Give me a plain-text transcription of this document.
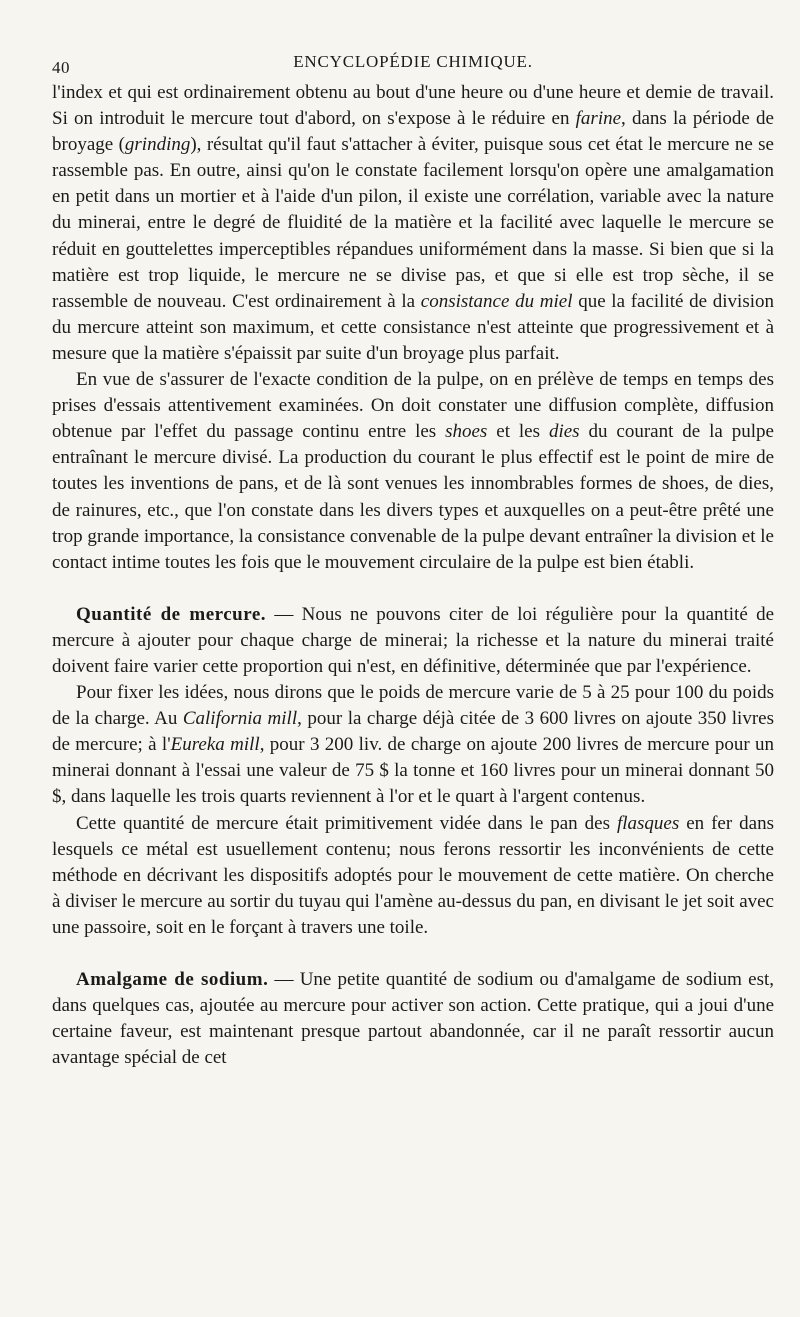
40	ENCYCLOPÉDIE CHIMIQUE.

l'index et qui est ordinairement obtenu au bout d'une heure ou d'une heure et demie de travail. Si on introduit le mercure tout d'abord, on s'expose à le réduire en farine, dans la période de broyage (grinding), résultat qu'il faut s'attacher à éviter, puisque sous cet état le mercure ne se rassemble pas. En outre, ainsi qu'on le constate facilement lorsqu'on opère une amalgamation en petit dans un mortier et à l'aide d'un pilon, il existe une corrélation, variable avec la nature du minerai, entre le degré de fluidité de la matière et la facilité avec laquelle le mercure se réduit en gouttelettes imperceptibles répandues uniformément dans la masse. Si bien que si la matière est trop liquide, le mercure ne se divise pas, et que si elle est trop sèche, il se rassemble de nouveau. C'est ordinairement à la consistance du miel que la facilité de division du mercure atteint son maximum, et cette consistance n'est atteinte que progressivement et à mesure que la matière s'épaissit par suite d'un broyage plus parfait.

En vue de s'assurer de l'exacte condition de la pulpe, on en prélève de temps en temps des prises d'essais attentivement examinées. On doit constater une diffusion complète, diffusion obtenue par l'effet du passage continu entre les shoes et les dies du courant de la pulpe entraînant le mercure divisé. La production du courant le plus effectif est le point de mire de toutes les inventions de pans, et de là sont venues les innombrables formes de shoes, de dies, de rainures, etc., que l'on constate dans les divers types et auxquelles on a peut-être prêté une trop grande importance, la consistance convenable de la pulpe devant entraîner la division et le contact intime toutes les fois que le mouvement circulaire de la pulpe est bien établi.

Quantité de mercure. — Nous ne pouvons citer de loi régulière pour la quantité de mercure à ajouter pour chaque charge de minerai; la richesse et la nature du minerai traité doivent faire varier cette proportion qui n'est, en définitive, déterminée que par l'expérience.

Pour fixer les idées, nous dirons que le poids de mercure varie de 5 à 25 pour 100 du poids de la charge. Au California mill, pour la charge déjà citée de 3 600 livres on ajoute 350 livres de mercure; à l'Eureka mill, pour 3 200 liv. de charge on ajoute 200 livres de mercure pour un minerai donnant à l'essai une valeur de 75 $ la tonne et 160 livres pour un minerai donnant 50 $, dans laquelle les trois quarts reviennent à l'or et le quart à l'argent contenus.

Cette quantité de mercure était primitivement vidée dans le pan des flasques en fer dans lesquels ce métal est usuellement contenu; nous ferons ressortir les inconvénients de cette méthode en décrivant les dispositifs adoptés pour le mouvement de cette matière. On cherche à diviser le mercure au sortir du tuyau qui l'amène au-dessus du pan, en divisant le jet soit avec une passoire, soit en le forçant à travers une toile.

Amalgame de sodium. — Une petite quantité de sodium ou d'amalgame de sodium est, dans quelques cas, ajoutée au mercure pour activer son action. Cette pratique, qui a joui d'une certaine faveur, est maintenant presque partout abandonnée, car il ne paraît ressortir aucun avantage spécial de cet
